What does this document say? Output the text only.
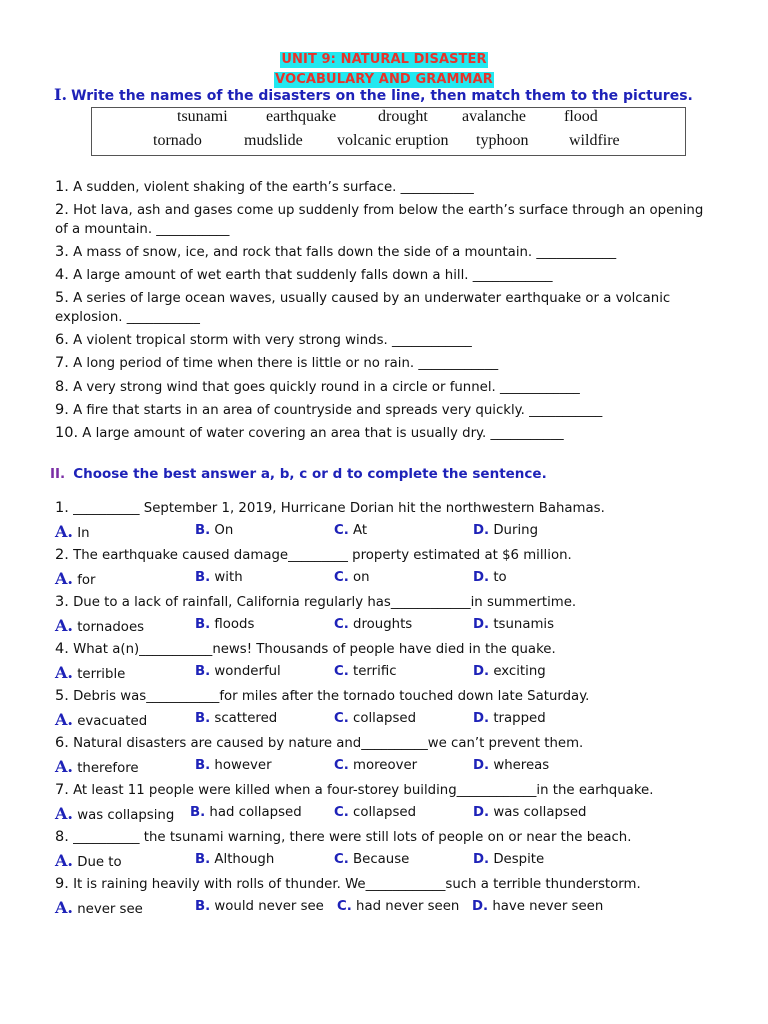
UNIT 9: NATURAL DISASTER
VOCABULARY AND GRAMMAR
I. Write the names of the disasters on the line, then match them to the pictures.
tsunami earthquake	drought avalanche flood
tornado	mudslide volcanic eruption typhoon	wildfire
1. A sudden, violent shaking of the earth’s surface. ___________
2. Hot lava, ash and gases come up suddenly from below the earth’s surface through an opening of a mountain. ___________
3. A mass of snow, ice, and rock that falls down the side of a mountain. ____________
4. A large amount of wet earth that suddenly falls down a hill. ____________
5. A series of large ocean waves, usually caused by an underwater earthquake or a volcanic explosion. ___________
6. A violent tropical storm with very strong winds. ____________
7. A long period of time when there is little or no rain. ____________
8. A very strong wind that goes quickly round in a circle or funnel. ____________
9. A fire that starts in an area of countryside and spreads very quickly. ___________
10. A large amount of water covering an area that is usually dry. ___________
II. Choose the best answer a, b, c or d to complete the sentence.
1. __________ September 1, 2019, Hurricane Dorian hit the northwestern Bahamas.
A. In	B. On	C. At	D. During
2. The earthquake caused damage_________ property estimated at $6 million.
A. for	B. with	C. on	D. to
3. Due to a lack of rainfall, California regularly has____________in summertime.
A. tornadoes	B. floods	C. droughts	D. tsunamis
4. What a(n)___________news! Thousands of people have died in the quake.
A. terrible	B. wonderful	C. terrific	D. exciting
5. Debris was___________for miles after the tornado touched down late Saturday.
A. evacuated	B. scattered	C. collapsed	D. trapped
6. Natural disasters are caused by nature and__________we can’t prevent them.
A. therefore	B. however	C. moreover	D. whereas
7. At least 11 people were killed when a four-storey building____________in the earhquake.
A. was collapsing B. had collapsed C. collapsed	D. was collapsed
8. __________ the tsunami warning, there were still lots of people on or near the beach.
A. Due to	B. Although	C. Because	D. Despite
9. It is raining heavily with rolls of thunder. We____________such a terrible thunderstorm.
A. never see	B. would never see C. had never seen D. have never seen
